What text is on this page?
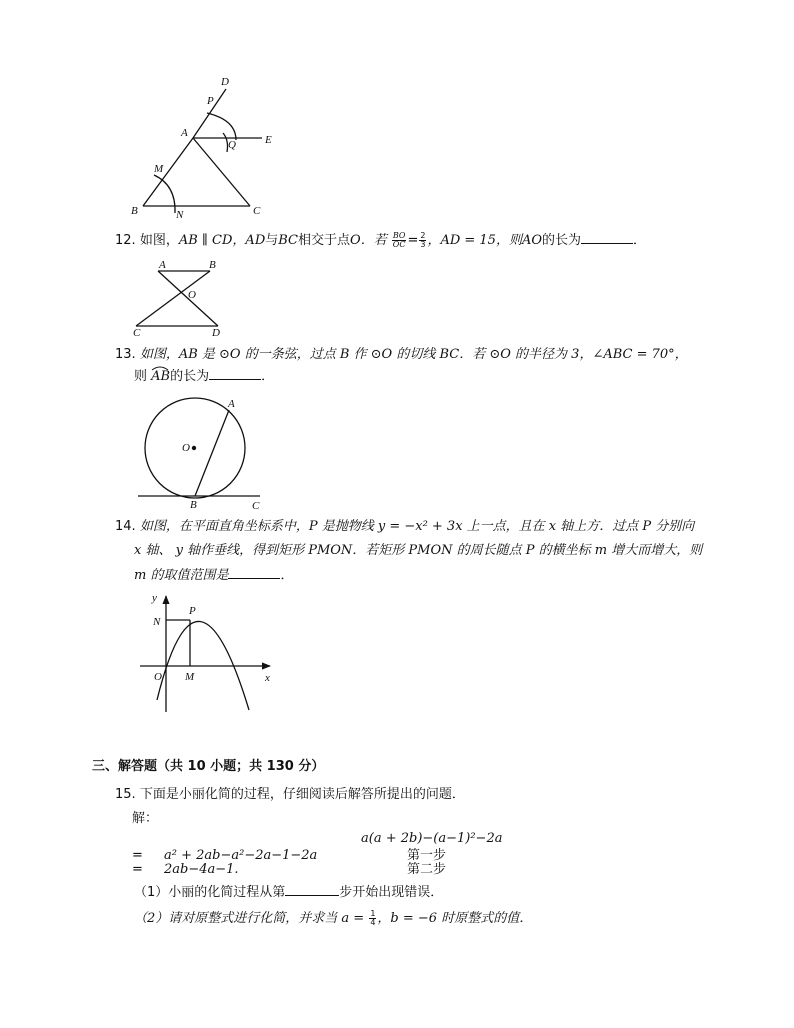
D
P
A
E
Q
M
B	N	C
12. 如图，AB ∥ CD，AD与BC相交于点O．若 $\frac{BO}{OC} = \frac{2}{3}$ ，AD = 15，则AO的长为	．
A	B
O
C	D
13. 如图，AB 是 ⊙O 的一条弦，过点 B 作 ⊙O 的切线 BC．若 ⊙O 的半径为 3，∠ABC = 70°，
则 AB
的长为	．
O
A
B	C
14. 如图，在平面直角坐标系中，P 是抛物线 y = −x² + 3x 上一点，且在 x 轴上方．过点 P 分别向
x 轴、 y 轴作垂线，得到矩形 PMON．若矩形 PMON 的周长随点 P 的横坐标 m 增大而增大，则
m 的取值范围是	．
y
P
N
O M	x
三、解答题（共 10 小题；共 130 分）
15. 下面是小丽化简的过程，仔细阅读后解答所提出的问题．
解：
a(a + 2b)−(a−1)²−2a
= a² + 2ab−a²−2a−1−2a	第一步
= 2ab−4a−1.	第二步
（1）小丽的化简过程从第	步开始出现错误．
（2）请对原整式进行化简，并求当 $a = \frac{1}{4}$ ，b = −6 时原整式的值．
